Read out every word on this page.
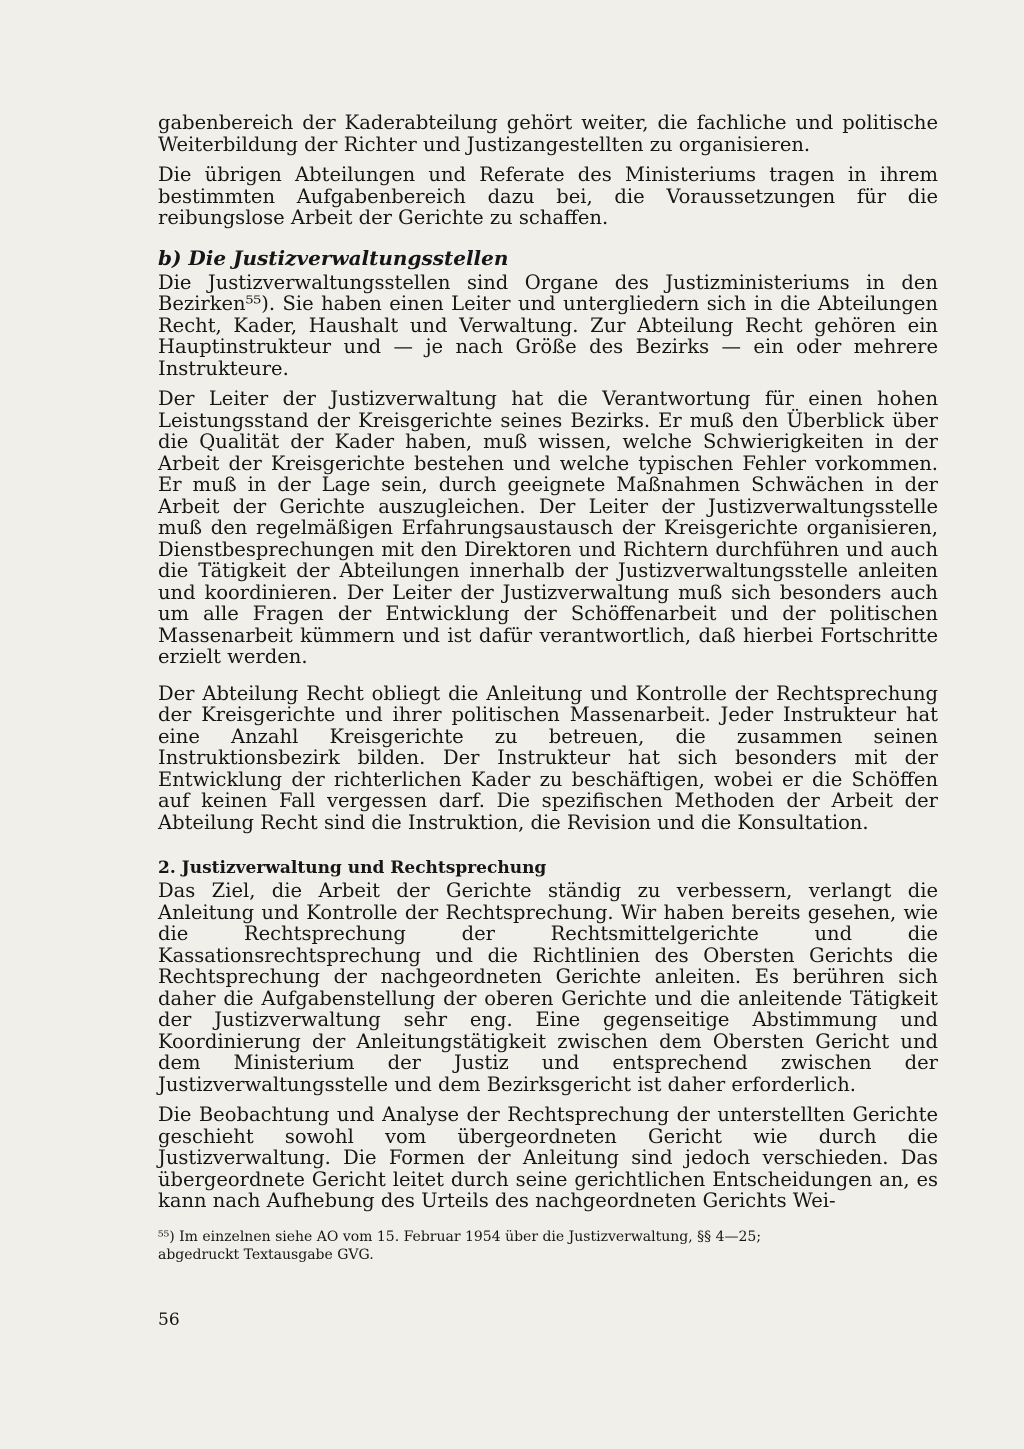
gabenbereich der Kaderabteilung gehört weiter, die fachliche und politische Weiterbildung der Richter und Justizangestellten zu organisieren.

Die übrigen Abteilungen und Referate des Ministeriums tragen in ihrem bestimmten Aufgabenbereich dazu bei, die Voraussetzungen für die reibungslose Arbeit der Gerichte zu schaffen.

b) Die Justizverwaltungsstellen

Die Justizverwaltungsstellen sind Organe des Justizministeriums in den Bezirken⁵⁵). Sie haben einen Leiter und untergliedern sich in die Abteilungen Recht, Kader, Haushalt und Verwaltung. Zur Abteilung Recht gehören ein Hauptinstrukteur und — je nach Größe des Bezirks — ein oder mehrere Instrukteure.

Der Leiter der Justizverwaltung hat die Verantwortung für einen hohen Leistungsstand der Kreisgerichte seines Bezirks. Er muß den Überblick über die Qualität der Kader haben, muß wissen, welche Schwierigkeiten in der Arbeit der Kreisgerichte bestehen und welche typischen Fehler vorkommen. Er muß in der Lage sein, durch geeignete Maßnahmen Schwächen in der Arbeit der Gerichte auszugleichen. Der Leiter der Justizverwaltungsstelle muß den regelmäßigen Erfahrungsaustausch der Kreisgerichte organisieren, Dienstbesprechungen mit den Direktoren und Richtern durchführen und auch die Tätigkeit der Abteilungen innerhalb der Justizverwaltungsstelle anleiten und koordinieren. Der Leiter der Justizverwaltung muß sich besonders auch um alle Fragen der Entwicklung der Schöffenarbeit und der politischen Massenarbeit kümmern und ist dafür verantwortlich, daß hierbei Fortschritte erzielt werden.

Der Abteilung Recht obliegt die Anleitung und Kontrolle der Rechtsprechung der Kreisgerichte und ihrer politischen Massenarbeit. Jeder Instrukteur hat eine Anzahl Kreisgerichte zu betreuen, die zusammen seinen Instruktionsbezirk bilden. Der Instrukteur hat sich besonders mit der Entwicklung der richterlichen Kader zu beschäftigen, wobei er die Schöffen auf keinen Fall vergessen darf. Die spezifischen Methoden der Arbeit der Abteilung Recht sind die Instruktion, die Revision und die Konsultation.

2. Justizverwaltung und Rechtsprechung

Das Ziel, die Arbeit der Gerichte ständig zu verbessern, verlangt die Anleitung und Kontrolle der Rechtsprechung. Wir haben bereits gesehen, wie die Rechtsprechung der Rechtsmittelgerichte und die Kassationsrechtsprechung und die Richtlinien des Obersten Gerichts die Rechtsprechung der nachgeordneten Gerichte anleiten. Es berühren sich daher die Aufgabenstellung der oberen Gerichte und die anleitende Tätigkeit der Justizverwaltung sehr eng. Eine gegenseitige Abstimmung und Koordinierung der Anleitungstätigkeit zwischen dem Obersten Gericht und dem Ministerium der Justiz und entsprechend zwischen der Justizverwaltungsstelle und dem Bezirksgericht ist daher erforderlich.

Die Beobachtung und Analyse der Rechtsprechung der unterstellten Gerichte geschieht sowohl vom übergeordneten Gericht wie durch die Justizverwaltung. Die Formen der Anleitung sind jedoch verschieden. Das übergeordnete Gericht leitet durch seine gerichtlichen Entscheidungen an, es kann nach Aufhebung des Urteils des nachgeordneten Gerichts Wei-

⁵⁵) Im einzelnen siehe AO vom 15. Februar 1954 über die Justizverwaltung, §§ 4—25;

abgedruckt Textausgabe GVG.

56
